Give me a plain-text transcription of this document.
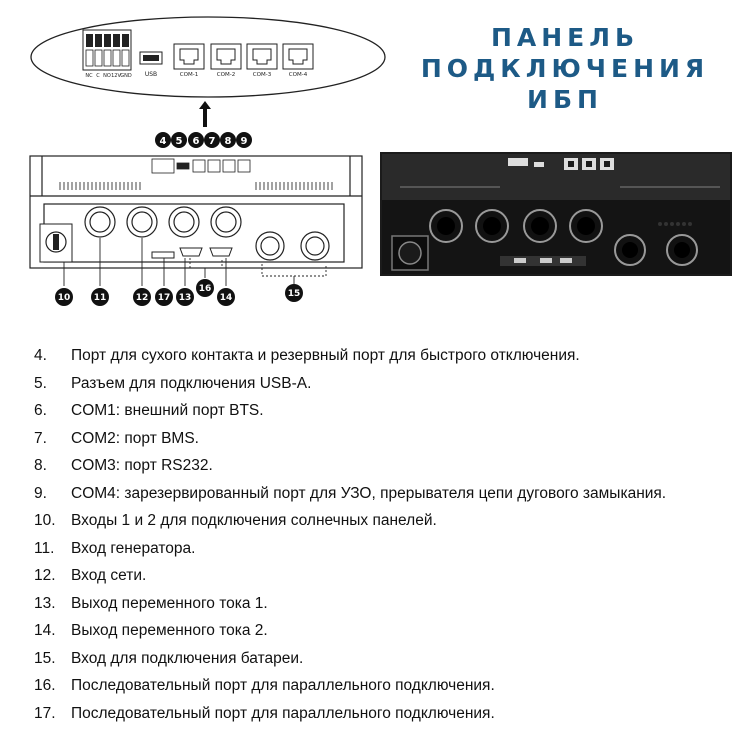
NC C NO 12V GND USB	COM-1	COM-2	COM-3	COM-4
ПАНЕЛЬ
ПОДКЛЮЧЕНИЯ
ИБП
4 5 6 7 8 9
10	11	12 17 13
16
14	15
4.	Порт для сухого контакта и резервный порт для быстрого отключения.
5.	Разъем для подключения USB-A.
6.	COM1: внешний порт BTS.
7.	COM2: порт BMS.
8.	COM3: порт RS232.
9.	COM4: зарезервированный порт для УЗО, прерывателя цепи дугового замыкания.
10. Входы 1 и 2 для подключения солнечных панелей.
11.	Вход генератора.
12. Вход сети.
13. Выход переменного тока 1.
14. Выход переменного тока 2.
15. Вход для подключения батареи.
16. Последовательный порт для параллельного подключения.
17. Последовательный порт для параллельного подключения.
